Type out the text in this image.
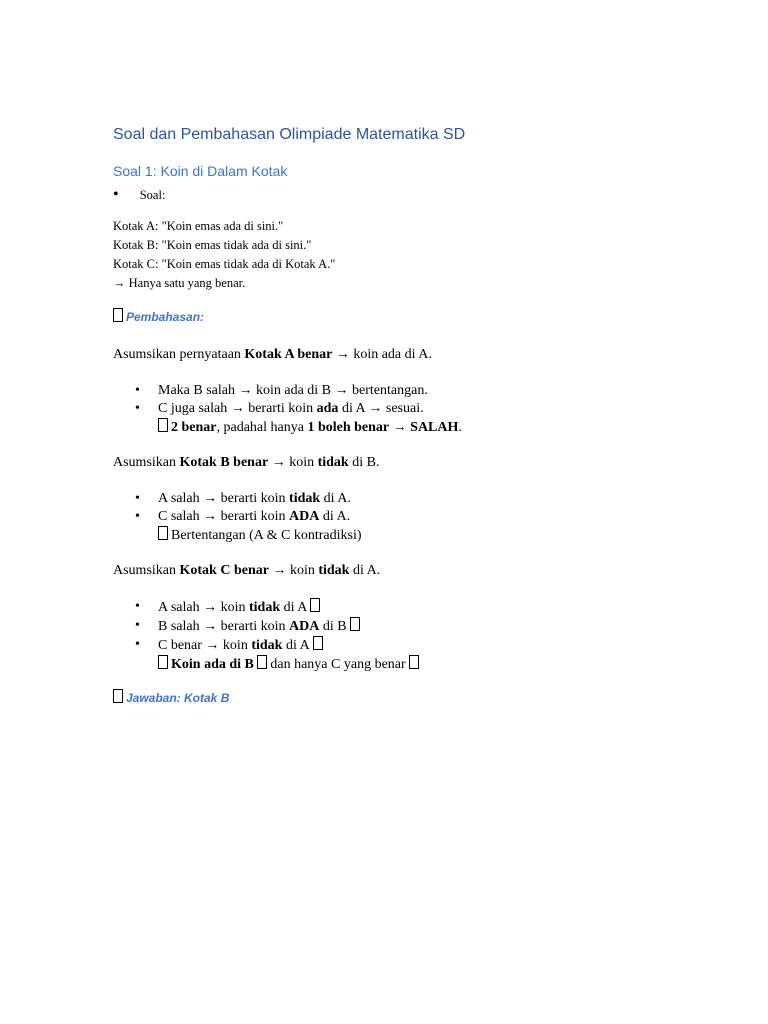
Soal dan Pembahasan Olimpiade Matematika SD
Soal 1: Koin di Dalam Kotak
• Soal:
Kotak A: "Koin emas ada di sini."
Kotak B: "Koin emas tidak ada di sini."
Kotak C: "Koin emas tidak ada di Kotak A."
→ Hanya satu yang benar.
Pembahasan:
Asumsikan pernyataan Kotak A benar → koin ada di A.
• Maka B salah → koin ada di B → bertentangan.
• C juga salah → berarti koin ada di A → sesuai.
2 benar, padahal hanya 1 boleh benar → SALAH.
Asumsikan Kotak B benar → koin tidak di B.
• A salah → berarti koin tidak di A.
• C salah → berarti koin ADA di A.
Bertentangan (A & C kontradiksi)
Asumsikan Kotak C benar → koin tidak di A.
• A salah → koin tidak di A
• B salah → berarti koin ADA di B
• C benar → koin tidak di A
Koin ada di B dan hanya C yang benar
Jawaban: Kotak B
